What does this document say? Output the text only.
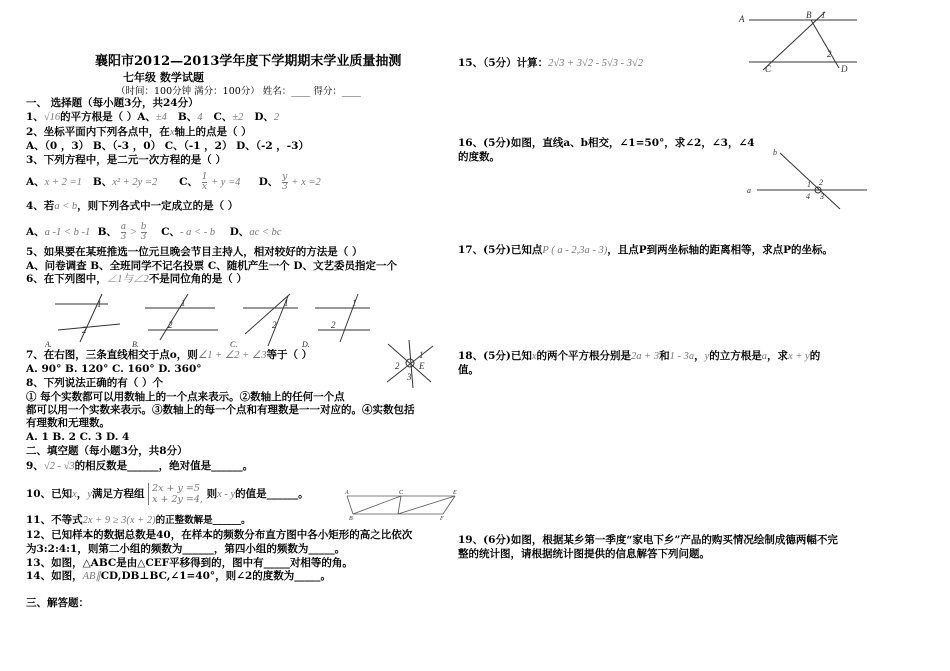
襄阳市2012—2013学年度下学期期末学业质量抽测
七年级 数学试题
（时间：100分钟 满分：100分） 姓名：____ 得分：____
一、 选择题（每小题3分，共24分）
1、√16的平方根是（ ）A、±4 B、4 C、±2 D、2
2、坐标平面内下列各点中，在x轴上的点是（ ）
A、（0 ，3） B、（-3 ，0） C、（-1 ，2） D、（-2 ，-3）
3、下列方程中，是二元一次方程的是（ ）
A、x + 2 =1 B、x² + 2y =2 C、 $\frac{1}{x} + y =4$ D、 $\frac{y}{3} + x =2$
4、若a < b，则下列各式中一定成立的是（ ）
A、a -1 < b -1 B、 $\frac{a}{3} > \frac{b}{3}$ C、- a < - b D、ac < bc
5、如果要在某班推选一位元旦晚会节目主持人，相对较好的方法是（ ）
A、问卷调查 B、全班同学不记名投票 C、随机产生一个 D、文艺委员指定一个
6、在下列图中，∠1与∠2不是同位角的是（ ）
1
2
1
2
1
2
1
2
A.	B.	C.	D.
7、在右图，三条直线相交于点o，则∠1 + ∠2 + ∠3等于（ ）	1
2
3
E
A. 90° B. 120° C. 160° D. 360°
8、下列说法正确的有（ ）个
① 每个实数都可以用数轴上的一个点来表示。②数轴上的任何一个点
都可以用一个实数来表示。③数轴上的每一个点和有理数是一一对应的。④实数包括
有理数和无理数。
A. 1 B. 2 C. 3 D. 4
二、填空题（每小题3分，共8分）
9、√2 - √3的相反数是______，绝对值是______。
10、已知x，y满足方程组 2x + y =5
x + 2y =4, 则x - y的值是______。	A	C	E
B	F
11、不等式2x + 9 ≥ 3(x + 2)的正整数解是______。
12、已知样本的数据总数是40，在样本的频数分布直方图中各小矩形的高之比依次
为3:2:4:1，则第二小组的频数为______，第四小组的频数为_____。
13、如图，△ABC是由△CEF平移得到的，图中有_____对相等的角。
14、如图，AB∥CD,DB⊥BC,∠1=40°，则∠2的度数为_____。
三、解答题：
A	B 1
2
C	D
15、（5分）计算：2√3 + 3√2 - 5√3 - 3√2
16、(5分)如图，直线a、b相交，∠1=50°，求∠2，∠3，∠4
的度数。
a
b
1 2
3
4
17、(5分)已知点P ( a - 2,3a - 3)，且点P到两坐标轴的距离相等，求点P的坐标。
18、(5分)已知x的两个平方根分别是2a + 3和1 - 3a，y的立方根是a，求x + y的
值。
19、(6分)如图，根据某乡第一季度“家电下乡”产品的购买情况绘制成德两幅不完
整的统计图，请根据统计图提供的信息解答下列问题。
